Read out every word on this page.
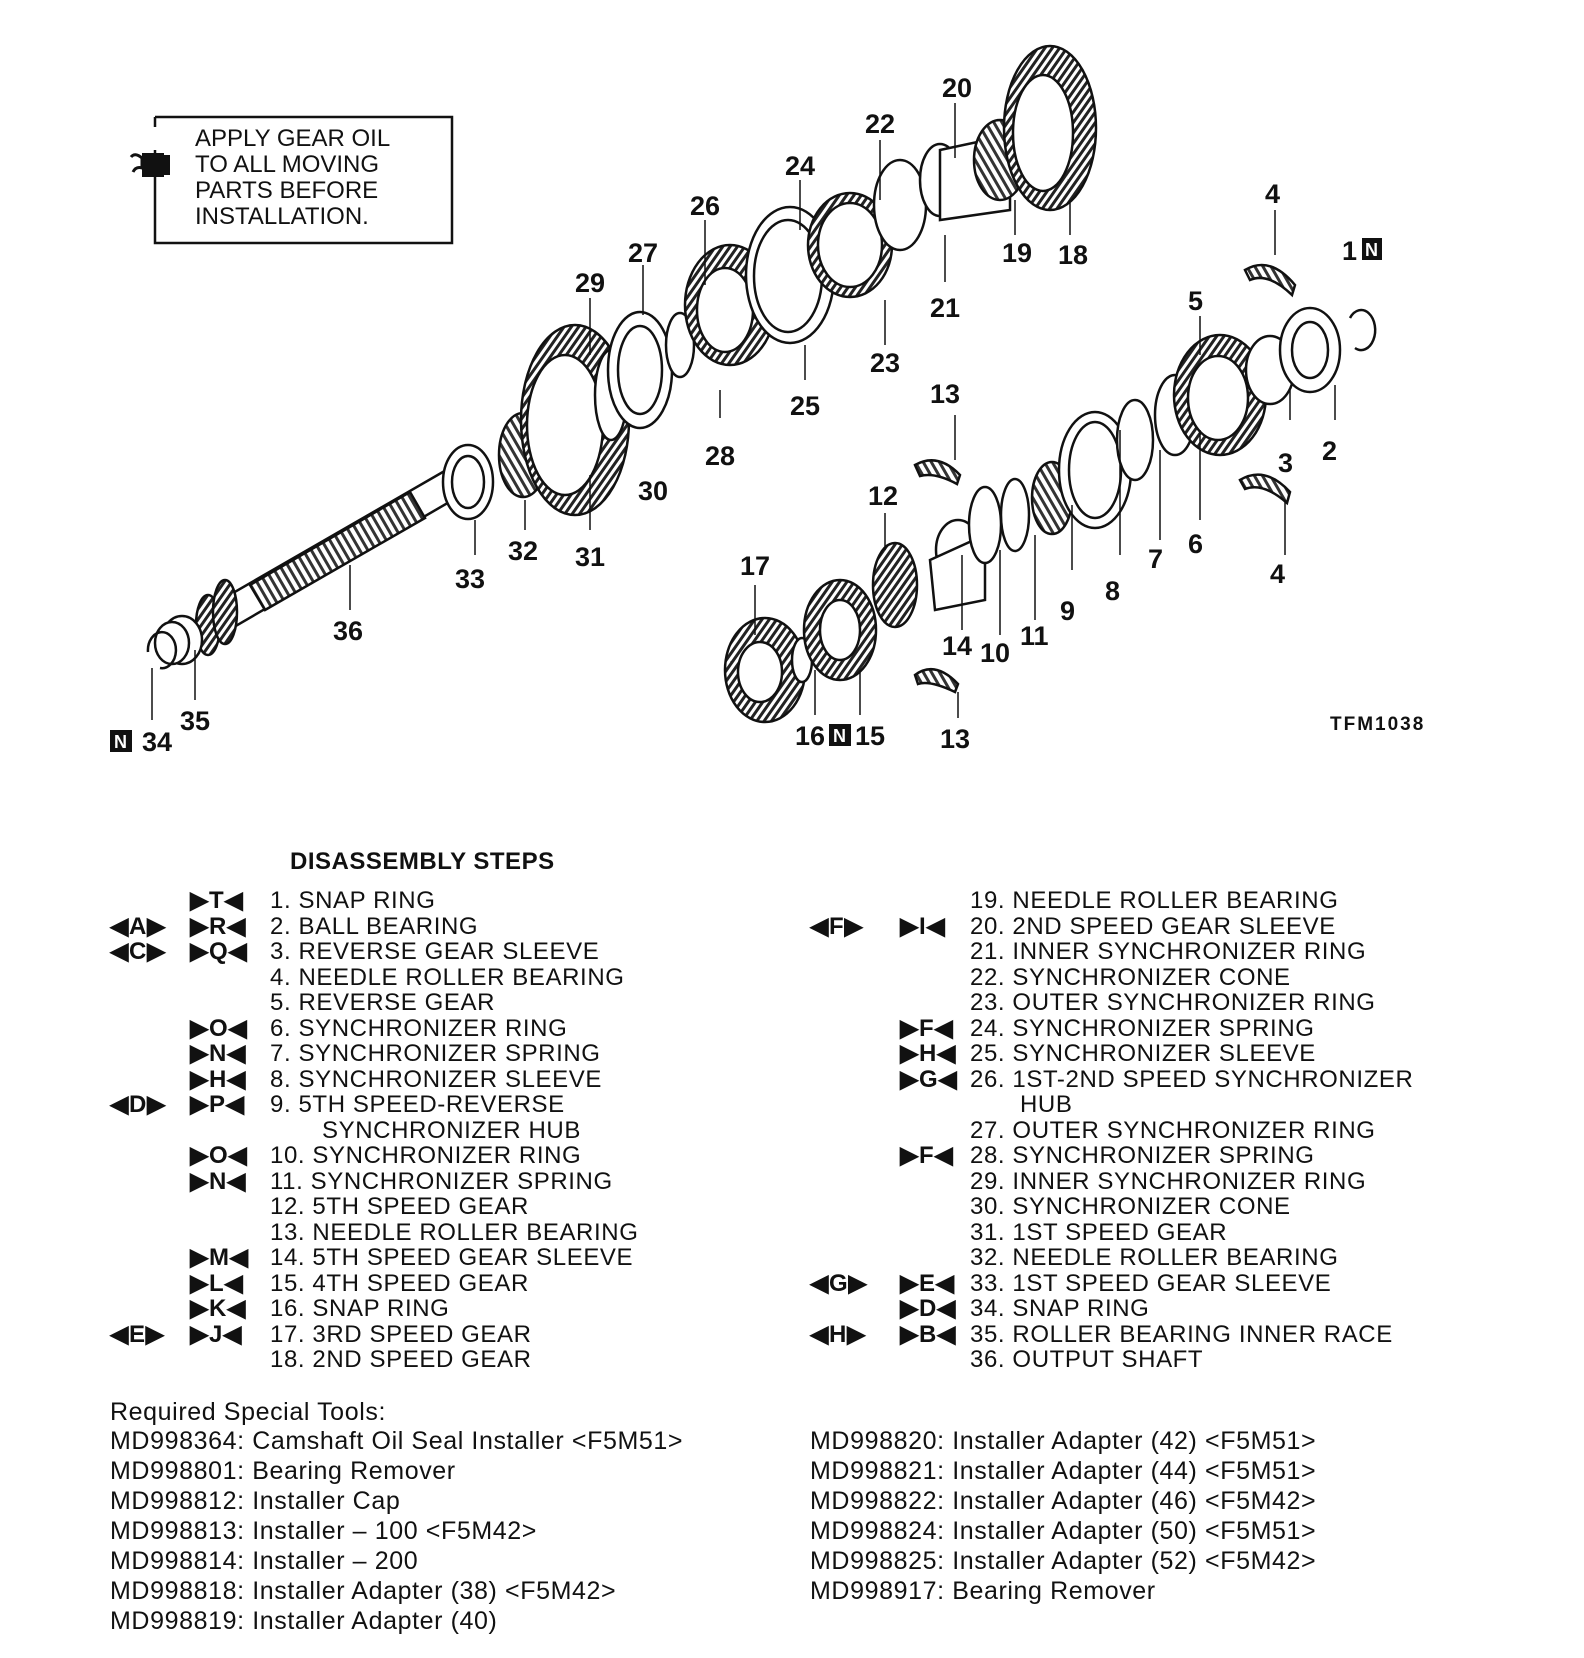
APPLY GEAR OIL
TO ALL MOVING
PARTS BEFORE
INSTALLATION.
20
22
24
26
27
29
19 18
4
1 N
5
21
23
25
28
30
13
12
3 2
17
33
32 31	6
7
9
8
36	14 10
11
4
N 34
35	16 N 15 13	TFM1038
DISASSEMBLY STEPS
▶T◀	1. SNAP RING
◀A▶ ▶R◀ 2. BALL BEARING
◀C▶ ▶Q◀ 3. REVERSE GEAR SLEEVE
4. NEEDLE ROLLER BEARING
5. REVERSE GEAR
▶O◀ 6. SYNCHRONIZER RING
▶N◀ 7. SYNCHRONIZER SPRING
▶H◀ 8. SYNCHRONIZER SLEEVE
◀D▶ ▶P◀	9. 5TH SPEED-REVERSE
SYNCHRONIZER HUB
▶O◀ 10. SYNCHRONIZER RING
▶N◀ 11. SYNCHRONIZER SPRING
12. 5TH SPEED GEAR
13. NEEDLE ROLLER BEARING
▶M◀ 14. 5TH SPEED GEAR SLEEVE
▶L◀	15. 4TH SPEED GEAR
▶K◀ 16. SNAP RING
◀E▶	▶J◀	17. 3RD SPEED GEAR
18. 2ND SPEED GEAR
19. NEEDLE ROLLER BEARING
◀F▶	▶I◀	20. 2ND SPEED GEAR SLEEVE
21. INNER SYNCHRONIZER RING
22. SYNCHRONIZER CONE
23. OUTER SYNCHRONIZER RING
▶F◀ 24. SYNCHRONIZER SPRING
▶H◀ 25. SYNCHRONIZER SLEEVE
▶G◀ 26. 1ST-2ND SPEED SYNCHRONIZER
HUB
27. OUTER SYNCHRONIZER RING
▶F◀ 28. SYNCHRONIZER SPRING
29. INNER SYNCHRONIZER RING
30. SYNCHRONIZER CONE
31. 1ST SPEED GEAR
32. NEEDLE ROLLER BEARING
◀G▶	▶E◀ 33. 1ST SPEED GEAR SLEEVE
▶D◀ 34. SNAP RING
◀H▶	▶B◀ 35. ROLLER BEARING INNER RACE
36. OUTPUT SHAFT
Required Special Tools:
MD998364: Camshaft Oil Seal Installer <F5M51>
MD998801: Bearing Remover
MD998812: Installer Cap
MD998813: Installer – 100 <F5M42>
MD998814: Installer – 200
MD998818: Installer Adapter (38) <F5M42>
MD998819: Installer Adapter (40)
MD998820: Installer Adapter (42) <F5M51>
MD998821: Installer Adapter (44) <F5M51>
MD998822: Installer Adapter (46) <F5M42>
MD998824: Installer Adapter (50) <F5M51>
MD998825: Installer Adapter (52) <F5M42>
MD998917: Bearing Remover
